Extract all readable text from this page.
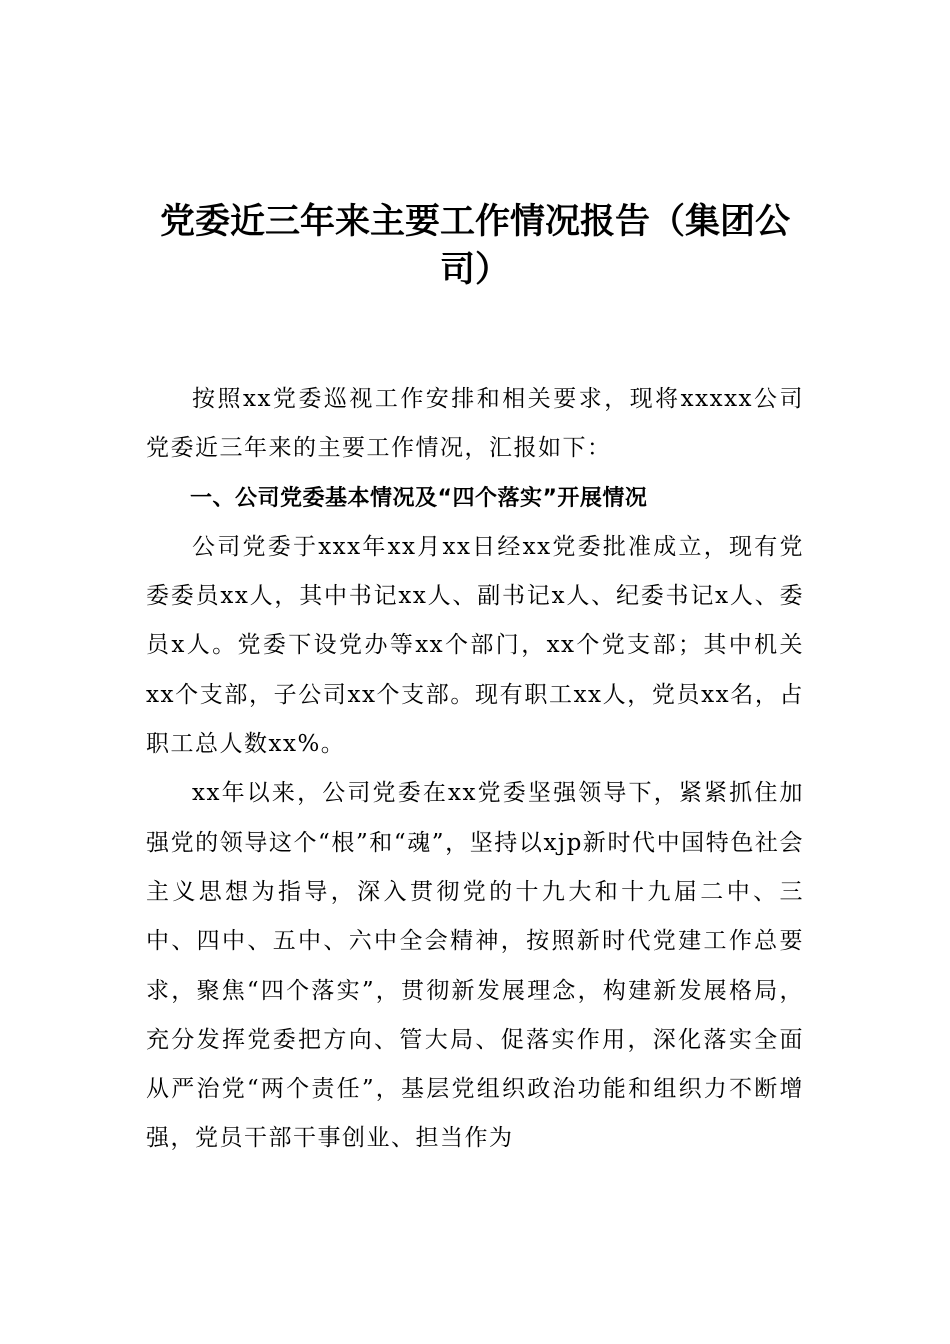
党委近三年来主要工作情况报告（集团公司）

按照xx党委巡视工作安排和相关要求，现将xxxxx公司党委近三年来的主要工作情况，汇报如下：

一、公司党委基本情况及“四个落实”开展情况

公司党委于xxx年xx月xx日经xx党委批准成立，现有党委委员xx人，其中书记xx人、副书记x人、纪委书记x人、委员x人。党委下设党办等xx个部门，xx个党支部；其中机关xx个支部，子公司xx个支部。现有职工xx人，党员xx名，占职工总人数xx%。

xx年以来，公司党委在xx党委坚强领导下，紧紧抓住加强党的领导这个“根”和“魂”，坚持以xjp新时代中国特色社会主义思想为指导，深入贯彻党的十九大和十九届二中、三中、四中、五中、六中全会精神，按照新时代党建工作总要求，聚焦“四个落实”，贯彻新发展理念，构建新发展格局，充分发挥党委把方向、管大局、促落实作用，深化落实全面从严治党“两个责任”，基层党组织政治功能和组织力不断增强，党员干部干事创业、担当作为
